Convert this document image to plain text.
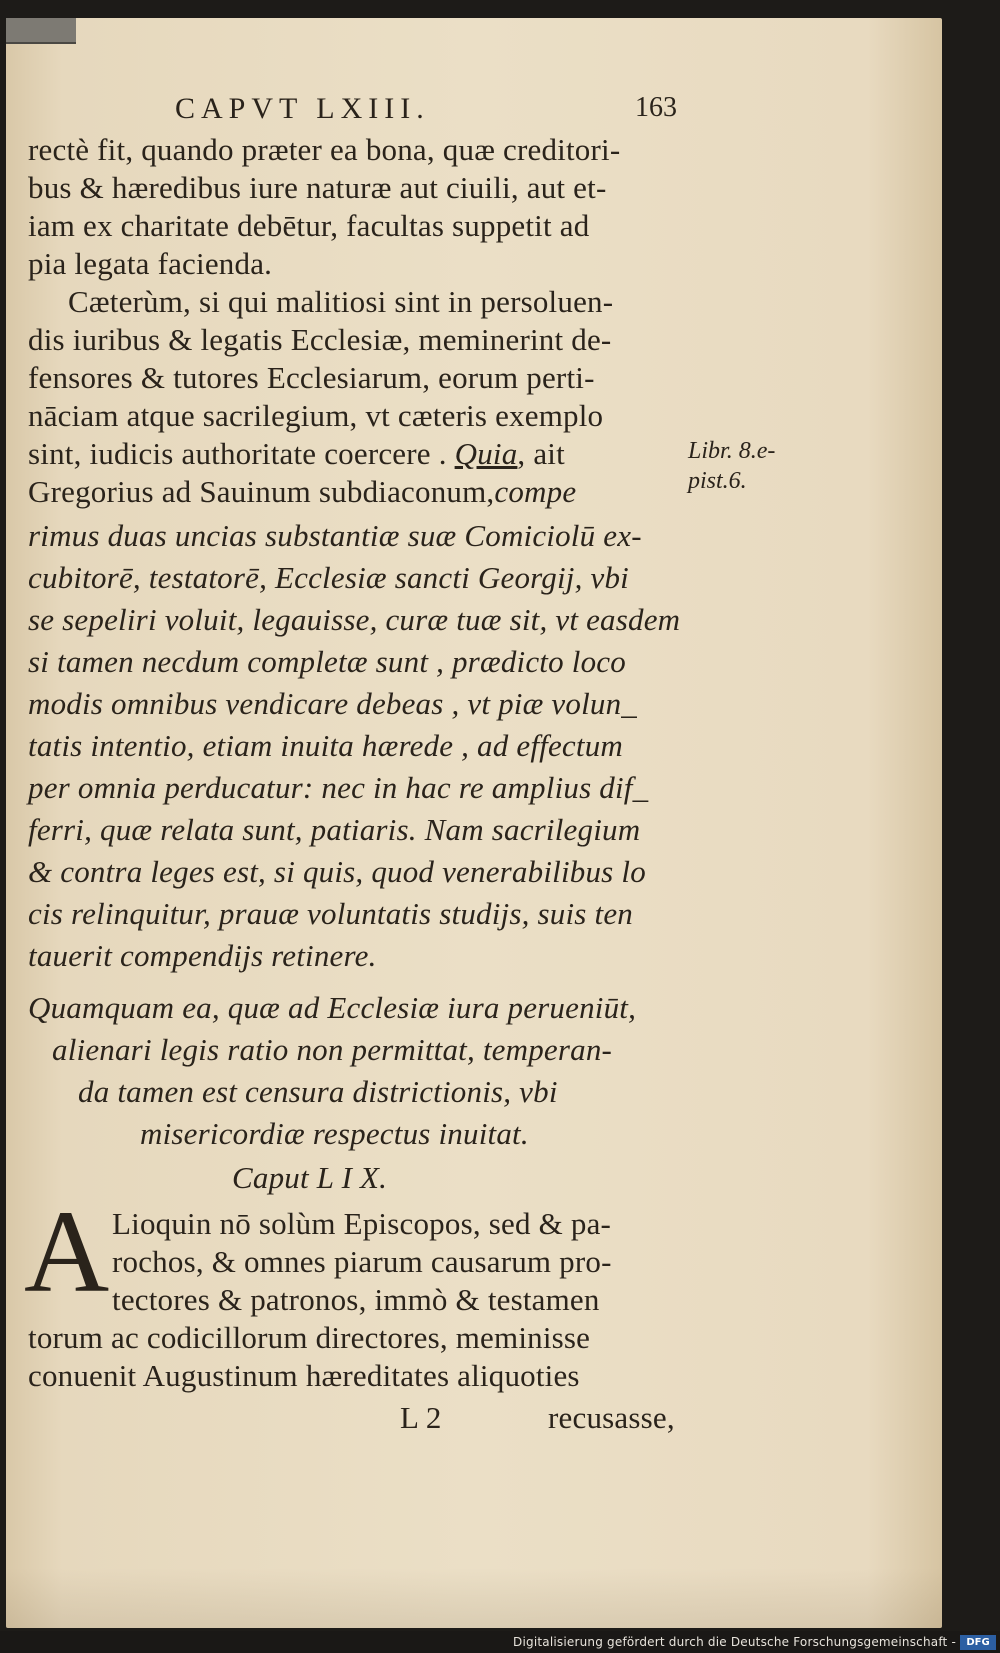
CAPVT LXIII.	163
rectè fit, quando præter ea bona, quæ creditori-
bus & hæredibus iure naturæ aut ciuili, aut et-
iam ex charitate debētur, facultas suppetit ad
pia legata facienda.
Cæterùm, si qui malitiosi sint in persoluen-
dis iuribus & legatis Ecclesiæ, meminerint de-
fensores & tutores Ecclesiarum, eorum perti-
nāciam atque sacrilegium, vt cæteris exemplo
sint, iudicis authoritate coercere . Quia, ait
Gregorius ad Sauinum subdiaconum,compe
Libr. 8.e-
pist.6.
rimus duas uncias substantiæ suæ Comiciolū ex-
cubitorē, testatorē, Ecclesiæ sancti Georgij, vbi
se sepeliri voluit, legauisse, curæ tuæ sit, vt easdem
si tamen necdum completæ sunt , prædicto loco
modis omnibus vendicare debeas , vt piæ volun_
tatis intentio, etiam inuita hærede , ad effectum
per omnia perducatur: nec in hac re amplius dif_
ferri, quæ relata sunt, patiaris. Nam sacrilegium
& contra leges est, si quis, quod venerabilibus lo
cis relinquitur, prauæ voluntatis studijs, suis ten
tauerit compendijs retinere.
Quamquam ea, quæ ad Ecclesiæ iura perueniūt,
alienari legis ratio non permittat, temperan-
da tamen est censura districtionis, vbi
misericordiæ respectus inuitat.
Caput L I X.
A Lioquin nō solùm Episcopos, sed & pa-
rochos, & omnes piarum causarum pro-
tectores & patronos, immò & testamen
torum ac codicillorum directores, meminisse
conuenit Augustinum hæreditates aliquoties
L 2	recusasse,
Digitalisierung gefördert durch die Deutsche Forschungsgemeinschaft -	DFG
